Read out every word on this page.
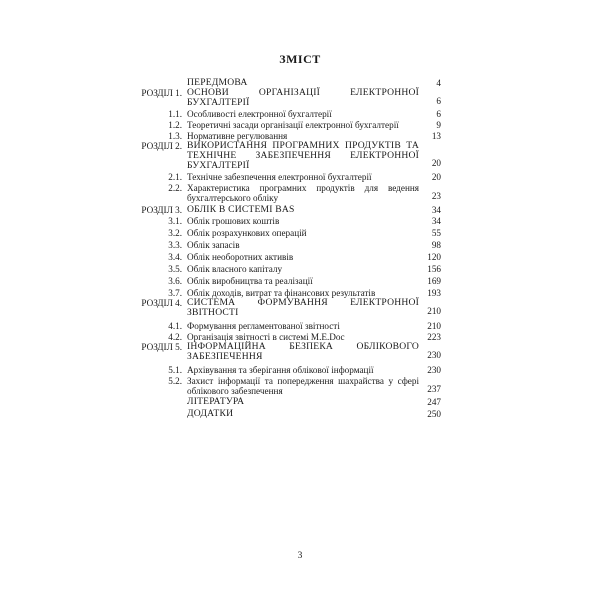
ЗМІСТ
ПЕРЕДМОВА	4
РОЗДІЛ 1. ОСНОВИ ОРГАНІЗАЦІЇ ЕЛЕКТРОННОЇ БУХГАЛТЕРІЇ	6
1.1. Особливості електронної бухгалтерії	6
1.2. Теоретичні засади організації електронної бухгалтерії	9
1.3. Нормативне регулювання	13
РОЗДІЛ 2. ВИКОРИСТАННЯ ПРОГРАМНИХ ПРОДУКТІВ ТА ТЕХНІЧНЕ ЗАБЕЗПЕЧЕННЯ ЕЛЕКТРОННОЇ БУХГАЛТЕРІЇ	20
2.1. Технічне забезпечення електронної бухгалтерії	20
2.2. Характеристика програмних продуктів для ведення бухгалтерського обліку	23
РОЗДІЛ 3. ОБЛІК В СИСТЕМІ BAS	34
3.1. Облік грошових коштів	34
3.2. Облік розрахункових операцій	55
3.3. Облік запасів	98
3.4. Облік необоротних активів	120
3.5. Облік власного капіталу	156
3.6. Облік виробництва та реалізації	169
3.7. Облік доходів, витрат та фінансових результатів	193
РОЗДІЛ 4. СИСТЕМА ФОРМУВАННЯ ЕЛЕКТРОННОЇ ЗВІТНОСТІ	210
4.1. Формування регламентованої звітності	210
4.2. Організація звітності в системі M.E.Doc	223
РОЗДІЛ 5. ІНФОРМАЦІЙНА БЕЗПЕКА ОБЛІКОВОГО ЗАБЕЗПЕЧЕННЯ	230
5.1. Архівування та зберігання облікової інформації	230
5.2. Захист інформації та попередження шахрайства у сфері облікового забезпечення	237
ЛІТЕРАТУРА	247
ДОДАТКИ	250
3
